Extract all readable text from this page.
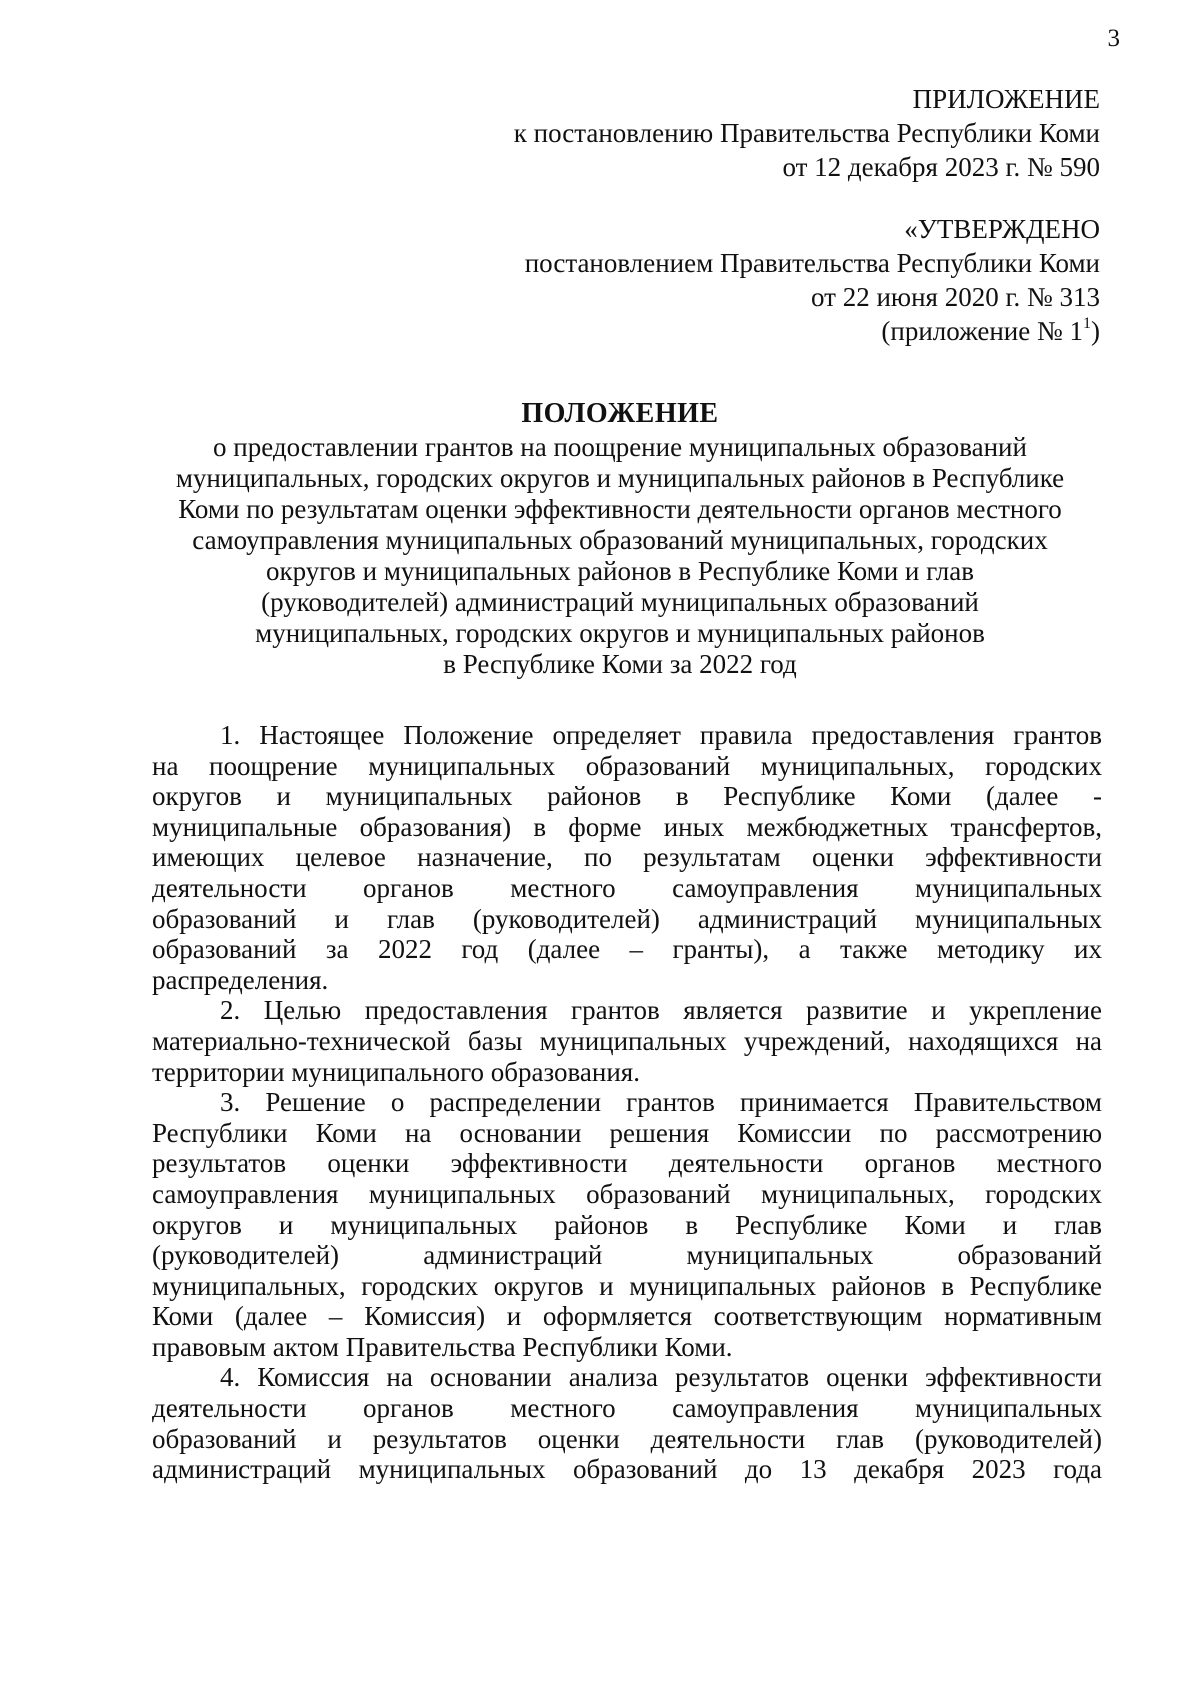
3
ПРИЛОЖЕНИЕ
к постановлению Правительства Республики Коми
от 12 декабря 2023 г. № 590
«УТВЕРЖДЕНО
постановлением Правительства Республики Коми
от 22 июня 2020 г. № 313
(приложение № $1^1$)
ПОЛОЖЕНИЕ
о предоставлении грантов на поощрение муниципальных образований
муниципальных, городских округов и муниципальных районов в Республике
Коми по результатам оценки эффективности деятельности органов местного
самоуправления муниципальных образований муниципальных, городских
округов и муниципальных районов в Республике Коми и глав
(руководителей) администраций муниципальных образований
муниципальных, городских округов и муниципальных районов
в Республике Коми за 2022 год
1. Настоящее Положение определяет правила предоставления грантов
на поощрение муниципальных образований муниципальных, городских
округов и муниципальных районов в Республике Коми (далее -
муниципальные образования) в форме иных межбюджетных трансфертов,
имеющих целевое назначение, по результатам оценки эффективности
деятельности органов местного самоуправления муниципальных
образований и глав (руководителей) администраций муниципальных
образований за 2022 год (далее – гранты), а также методику их
распределения.
2. Целью предоставления грантов является развитие и укрепление
материально-технической базы муниципальных учреждений, находящихся на
территории муниципального образования.
3. Решение о распределении грантов принимается Правительством
Республики Коми на основании решения Комиссии по рассмотрению
результатов оценки эффективности деятельности органов местного
самоуправления муниципальных образований муниципальных, городских
округов и муниципальных районов в Республике Коми и глав
(руководителей) администраций муниципальных образований
муниципальных, городских округов и муниципальных районов в Республике
Коми (далее – Комиссия) и оформляется соответствующим нормативным
правовым актом Правительства Республики Коми.
4. Комиссия на основании анализа результатов оценки эффективности
деятельности органов местного самоуправления муниципальных
образований и результатов оценки деятельности глав (руководителей)
администраций муниципальных образований до 13 декабря 2023 года
